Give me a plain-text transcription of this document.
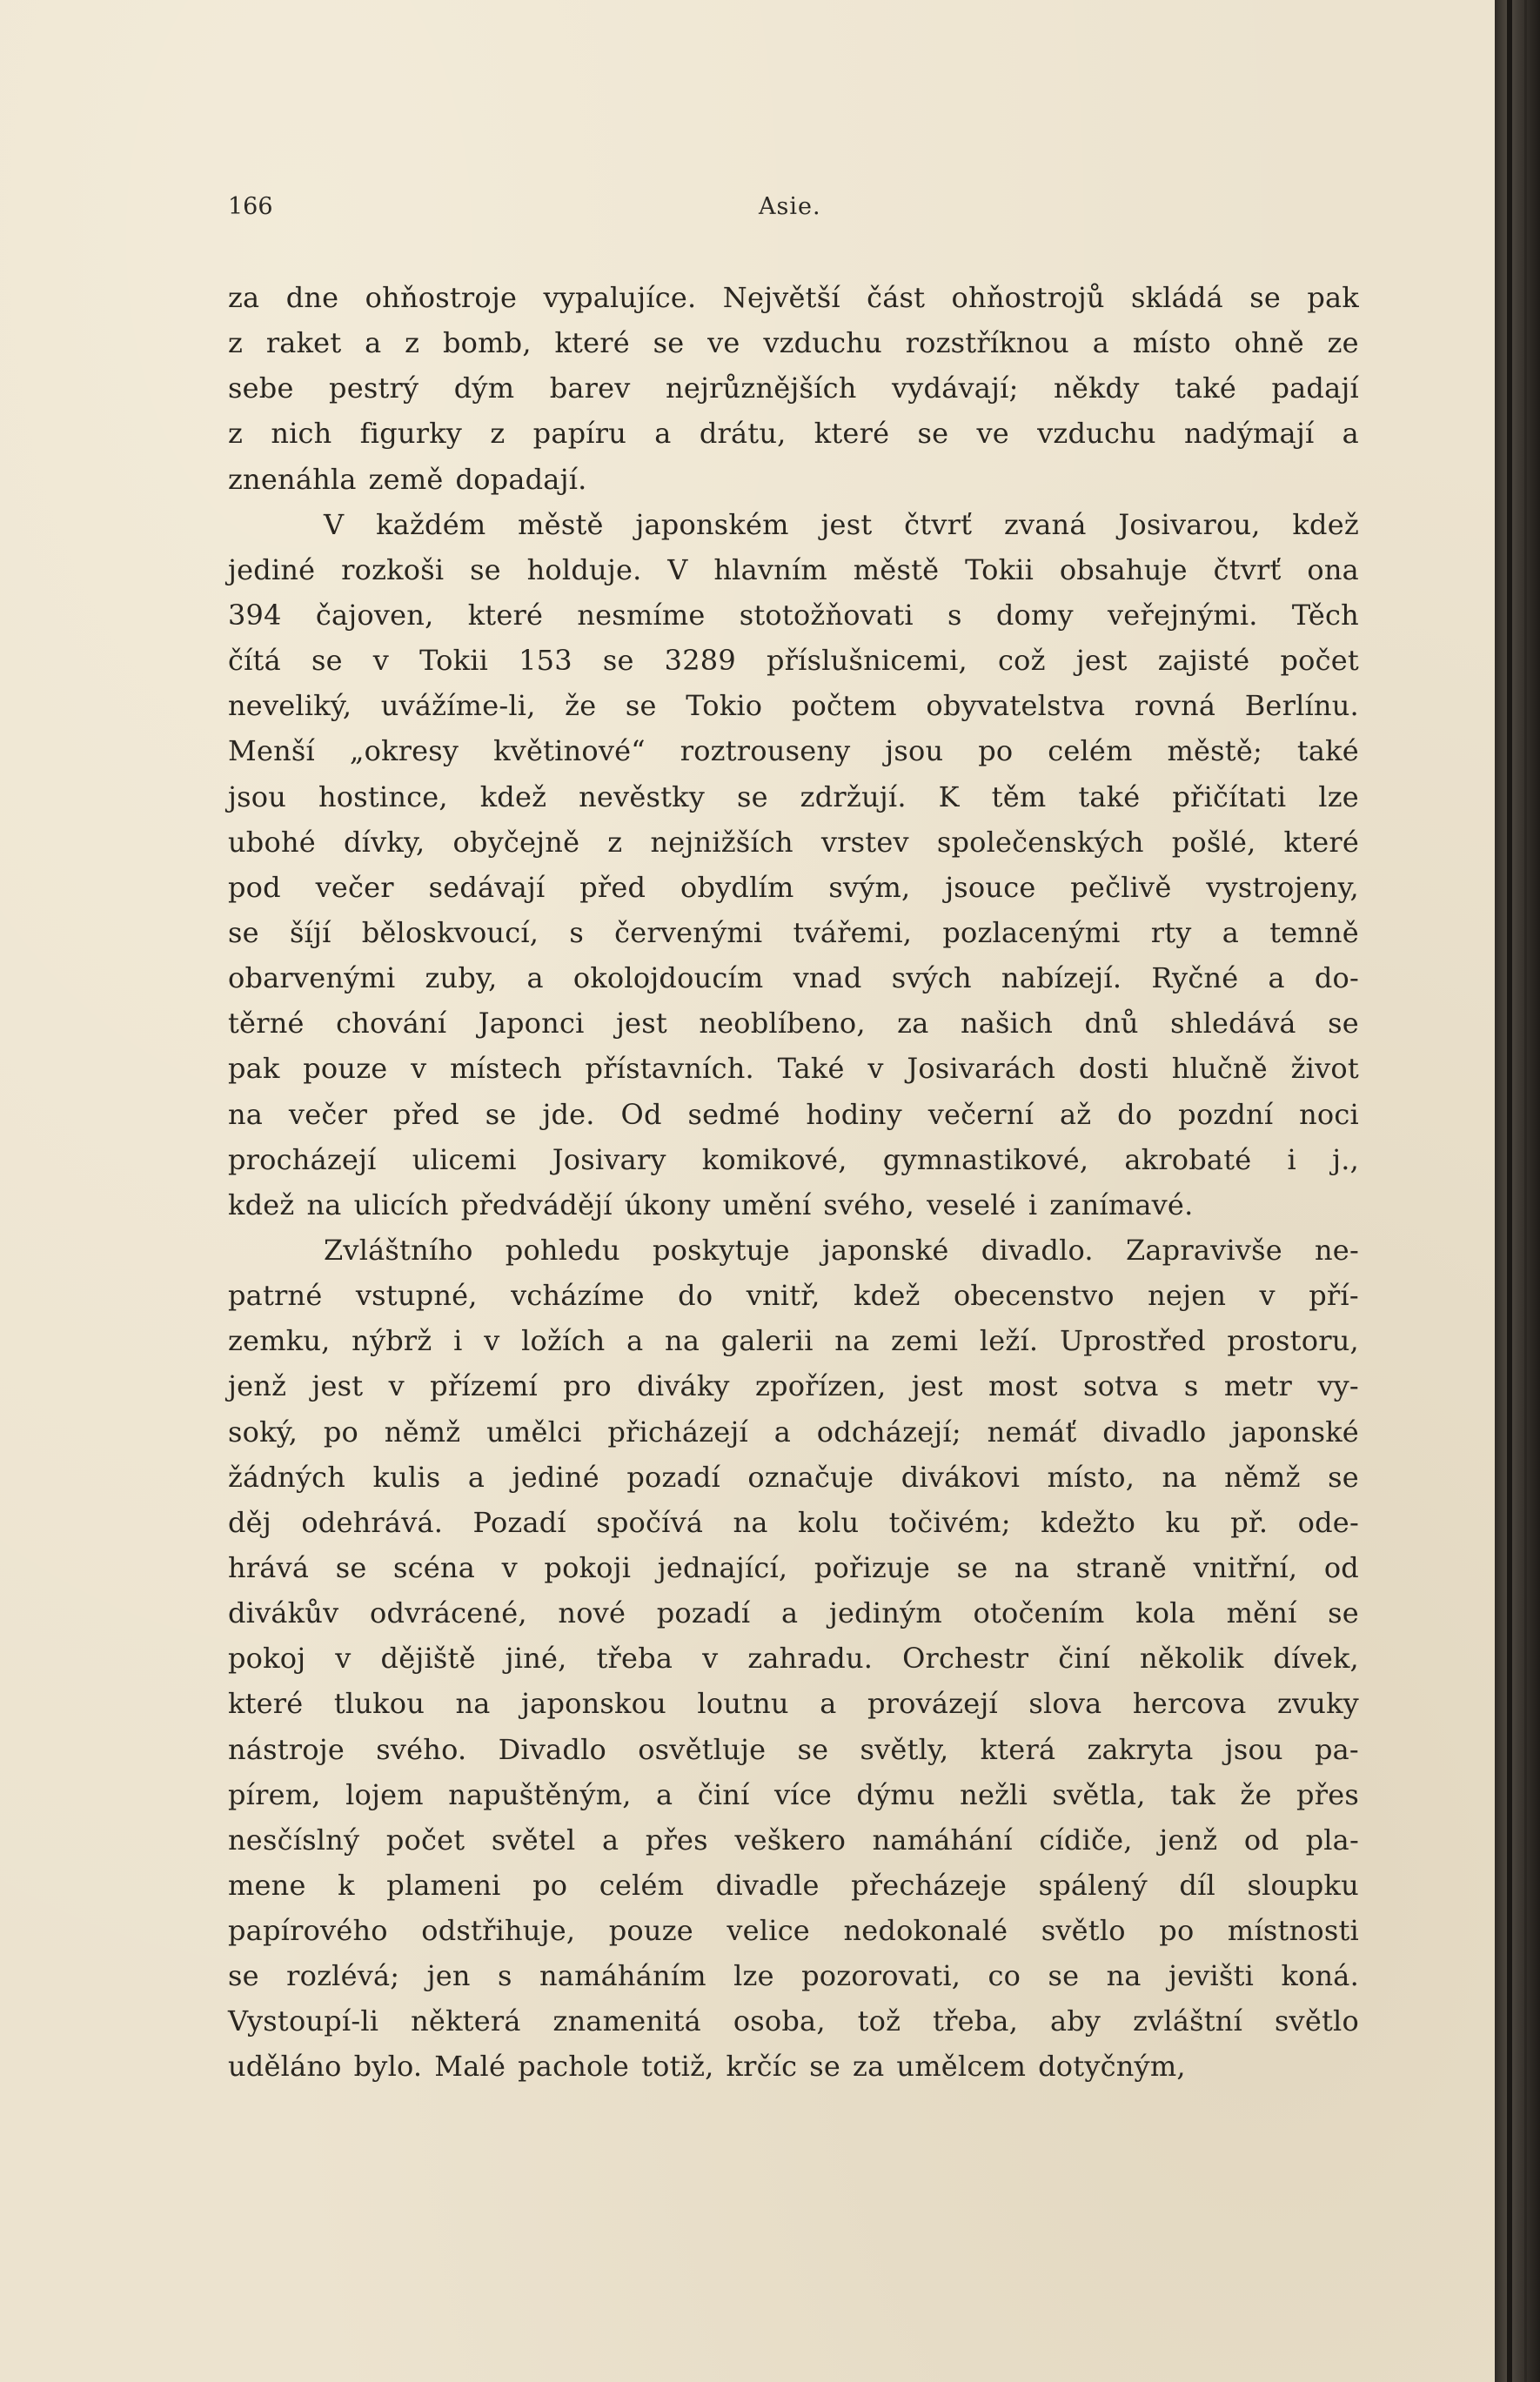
166	Asie.
za dne ohňostroje vypalujíce. Největší část ohňostrojů skládá se pak
z raket a z bomb, které se ve vzduchu rozstříknou a místo ohně ze
sebe pestrý dým barev nejrůznějších vydávají; někdy také padají
z nich figurky z papíru a drátu, které se ve vzduchu nadýmají a
znenáhla země dopadají.
V každém městě japonském jest čtvrť zvaná Josivarou, kdež
jediné rozkoši se holduje. V hlavním městě Tokii obsahuje čtvrť ona
394 čajoven, které nesmíme stotožňovati s domy veřejnými. Těch
čítá se v Tokii 153 se 3289 příslušnicemi, což jest zajisté počet
neveliký, uvážíme-li, že se Tokio počtem obyvatelstva rovná Berlínu.
Menší „okresy květinové“ roztrouseny jsou po celém městě; také
jsou hostince, kdež nevěstky se zdržují. K těm také přičítati lze
ubohé dívky, obyčejně z nejnižších vrstev společenských pošlé, které
pod večer sedávají před obydlím svým, jsouce pečlivě vystrojeny,
se šíjí běloskvoucí, s červenými tvářemi, pozlacenými rty a temně
obarvenými zuby, a okolojdoucím vnad svých nabízejí. Ryčné a do-
těrné chování Japonci jest neoblíbeno, za našich dnů shledává se
pak pouze v místech přístavních. Také v Josivarách dosti hlučně život
na večer před se jde. Od sedmé hodiny večerní až do pozdní noci
procházejí ulicemi Josivary komikové, gymnastikové, akrobaté i j.,
kdež na ulicích předvádějí úkony umění svého, veselé i zanímavé.
Zvláštního pohledu poskytuje japonské divadlo. Zapravivše ne-
patrné vstupné, vcházíme do vnitř, kdež obecenstvo nejen v pří-
zemku, nýbrž i v ložích a na galerii na zemi leží. Uprostřed prostoru,
jenž jest v přízemí pro diváky zpořízen, jest most sotva s metr vy-
soký, po němž umělci přicházejí a odcházejí; nemáť divadlo japonské
žádných kulis a jediné pozadí označuje divákovi místo, na němž se
děj odehrává. Pozadí spočívá na kolu točivém; kdežto ku př. ode-
hrává se scéna v pokoji jednající, pořizuje se na straně vnitřní, od
divákův odvrácené, nové pozadí a jediným otočením kola mění se
pokoj v dějiště jiné, třeba v zahradu. Orchestr činí několik dívek,
které tlukou na japonskou loutnu a provázejí slova hercova zvuky
nástroje svého. Divadlo osvětluje se světly, která zakryta jsou pa-
pírem, lojem napuštěným, a činí více dýmu nežli světla, tak že přes
nesčíslný počet světel a přes veškero namáhání cídiče, jenž od pla-
mene k plameni po celém divadle přecházeje spálený díl sloupku
papírového odstřihuje, pouze velice nedokonalé světlo po místnosti
se rozlévá; jen s namáháním lze pozorovati, co se na jevišti koná.
Vystoupí-li některá znamenitá osoba, tož třeba, aby zvláštní světlo
uděláno bylo. Malé pachole totiž, krčíc se za umělcem dotyčným,
